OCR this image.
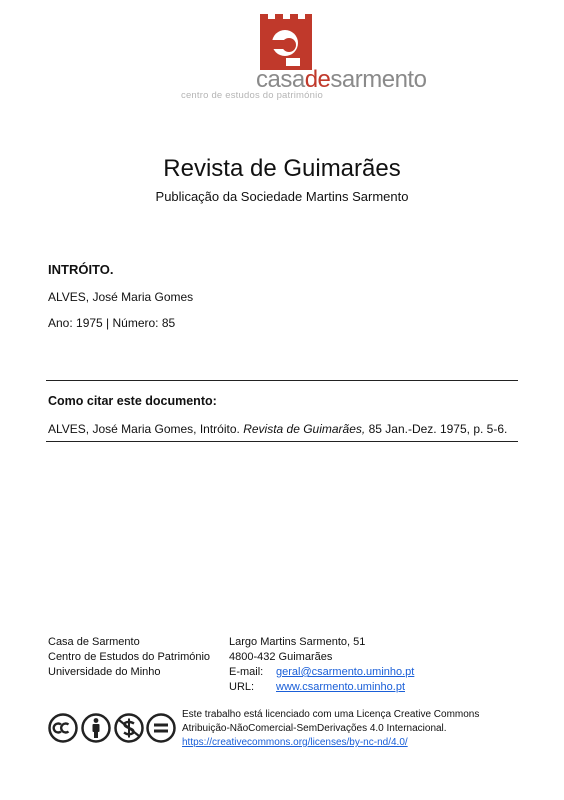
casadesarmento
centro de estudos do património
Revista de Guimarães
Publicação da Sociedade Martins Sarmento
INTRÓITO.
ALVES, José Maria Gomes
Ano: 1975 | Número: 85
Como citar este documento:
ALVES, José Maria Gomes, Intróito. Revista de Guimarães, 85 Jan.-Dez. 1975, p. 5-6.
Casa de Sarmento
Centro de Estudos do Património
Universidade do Minho
Largo Martins Sarmento, 51
4800-432 Guimarães
E-mail: geral@csarmento.uminho.pt
URL: www.csarmento.uminho.pt
Este trabalho está licenciado com uma Licença Creative Commons
Atribuição-NãoComercial-SemDerivações 4.0 Internacional.
https://creativecommons.org/licenses/by-nc-nd/4.0/
